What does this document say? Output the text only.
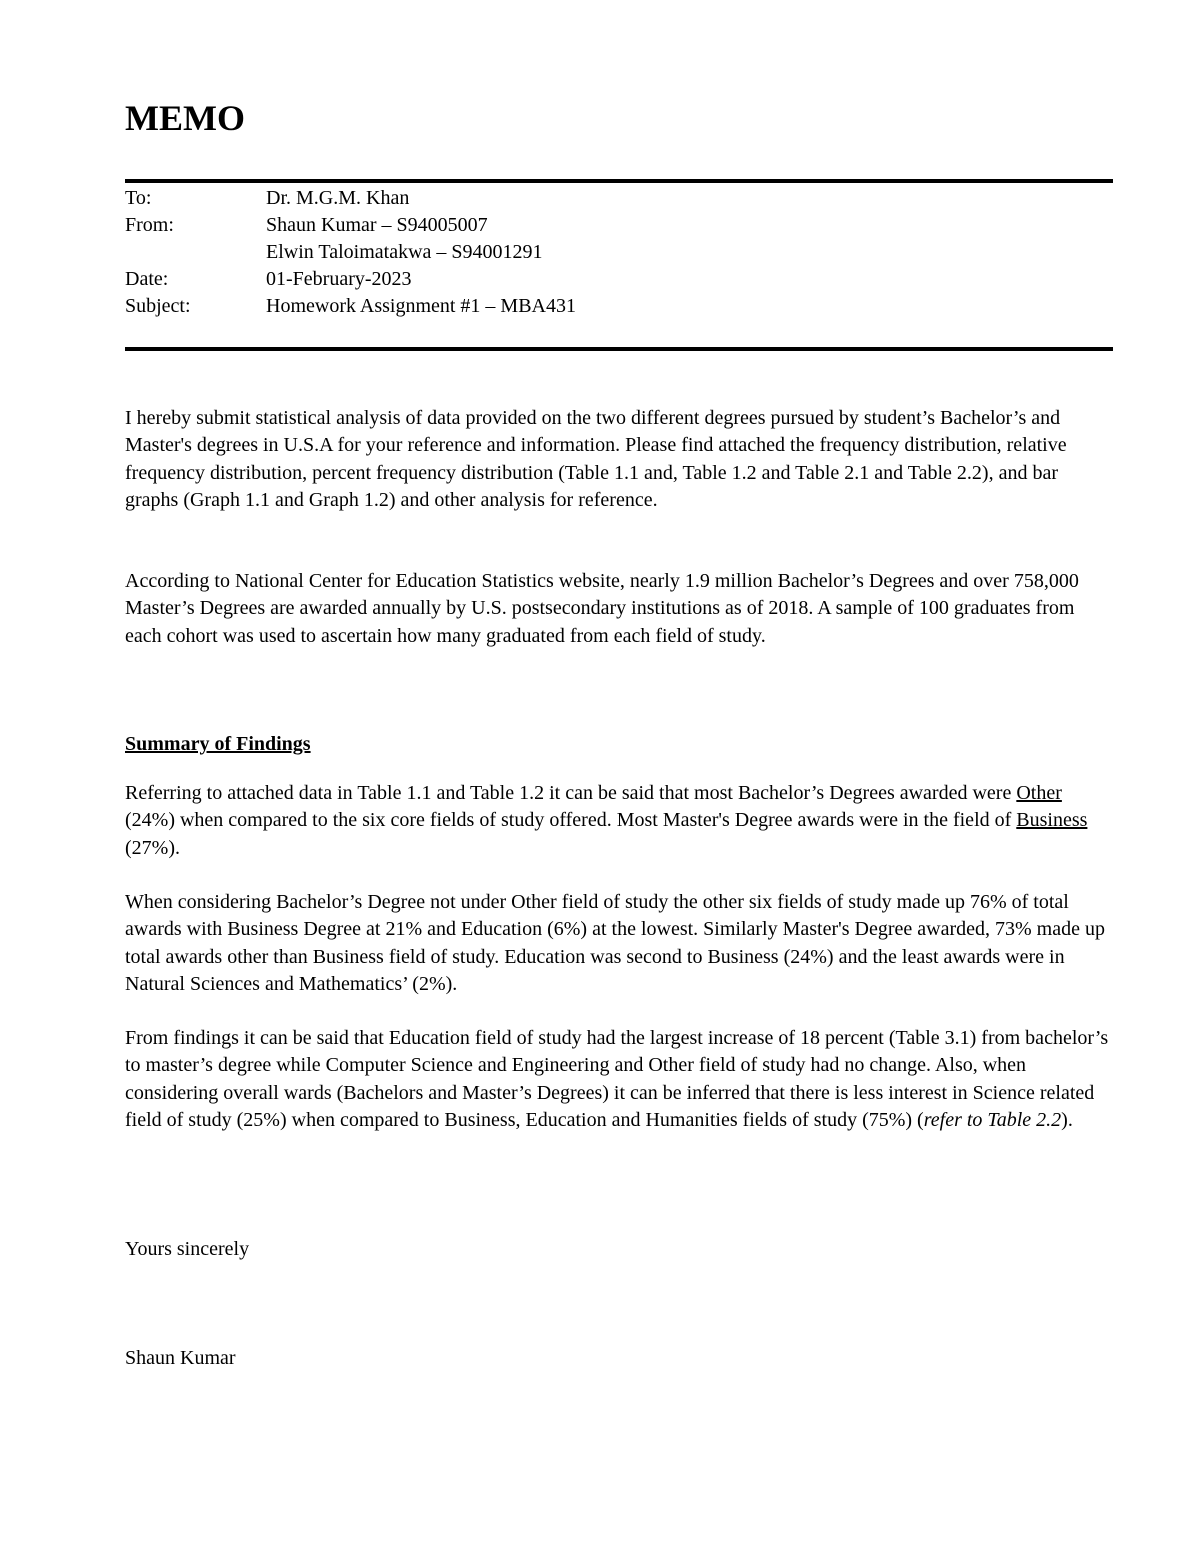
MEMO
To:	Dr. M.G.M. Khan
From:	Shaun Kumar – S94005007
Elwin Taloimatakwa – S94001291
Date:	01-February-2023
Subject:	Homework Assignment #1 – MBA431

I hereby submit statistical analysis of data provided on the two different degrees pursued by student’s Bachelor’s and Master's degrees in U.S.A for your reference and information. Please find attached the frequency distribution, relative frequency distribution, percent frequency distribution (Table 1.1 and, Table 1.2 and Table 2.1 and Table 2.2), and bar graphs (Graph 1.1 and Graph 1.2) and other analysis for reference.

According to National Center for Education Statistics website, nearly 1.9 million Bachelor’s Degrees and over 758,000 Master’s Degrees are awarded annually by U.S. postsecondary institutions as of 2018. A sample of 100 graduates from each cohort was used to ascertain how many graduated from each field of study.

Summary of Findings

Referring to attached data in Table 1.1 and Table 1.2 it can be said that most Bachelor’s Degrees awarded were Other (24%) when compared to the six core fields of study offered. Most Master's Degree awards were in the field of Business (27%).

When considering Bachelor’s Degree not under Other field of study the other six fields of study made up 76% of total awards with Business Degree at 21% and Education (6%) at the lowest. Similarly Master's Degree awarded, 73% made up total awards other than Business field of study. Education was second to Business (24%) and the least awards were in Natural Sciences and Mathematics’ (2%).

From findings it can be said that Education field of study had the largest increase of 18 percent (Table 3.1) from bachelor’s to master’s degree while Computer Science and Engineering and Other field of study had no change. Also, when considering overall wards (Bachelors and Master’s Degrees) it can be inferred that there is less interest in Science related field of study (25%) when compared to Business, Education and Humanities fields of study (75%) (refer to Table 2.2).

Yours sincerely
Shaun Kumar
